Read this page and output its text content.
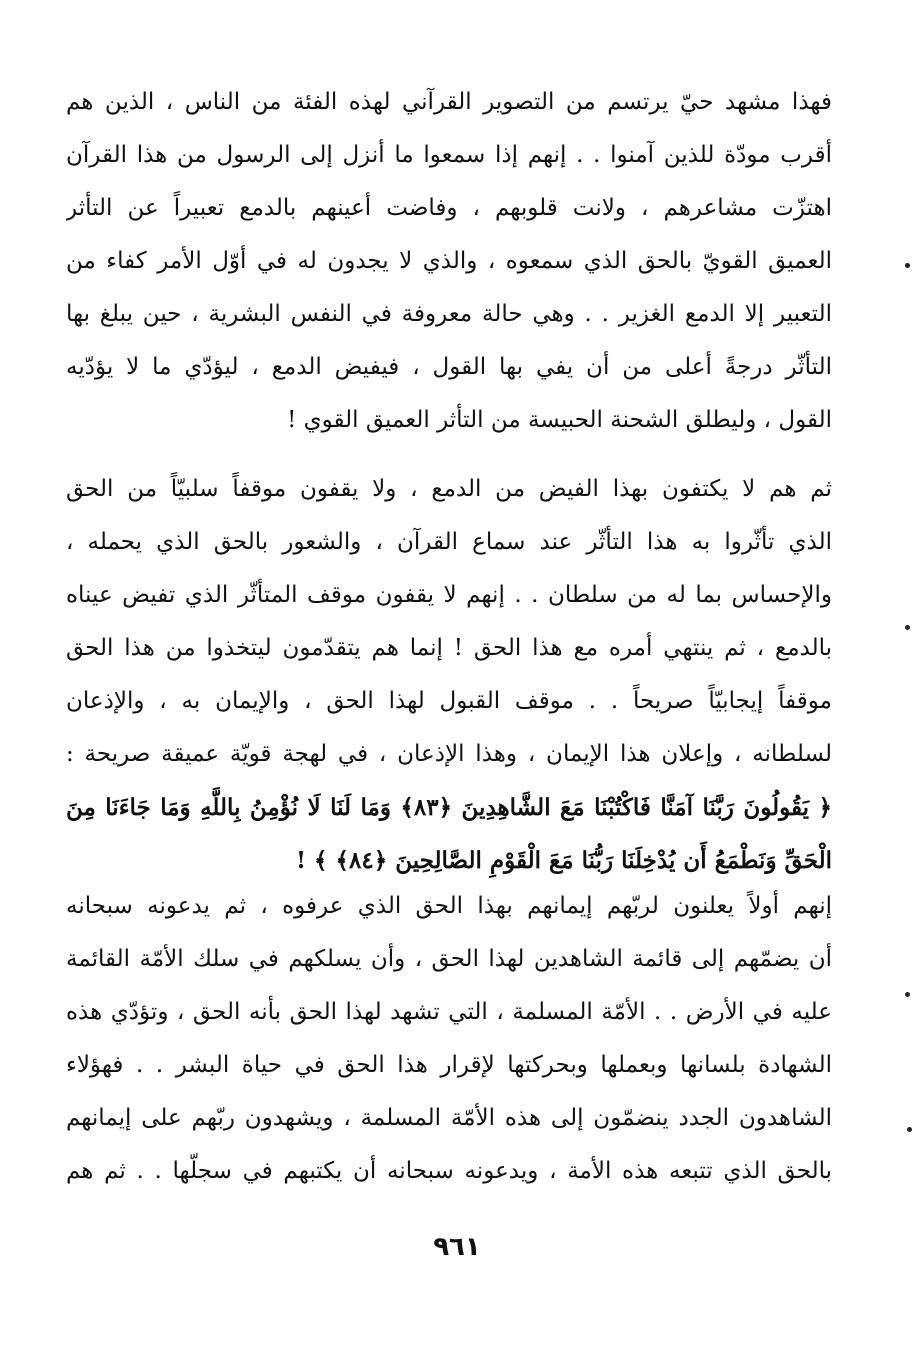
فهذا مشهد حيّ يرتسم من التصوير القرآني لهذه الفئة من الناس ، الذين هم
أقرب مودّة للذين آمنوا . . إنهم إذا سمعوا ما أنزل إلى الرسول من هذا القرآن
اهتزّت مشاعرهم ، ولانت قلوبهم ، وفاضت أعينهم بالدمع تعبيراً عن التأثر
العميق القويّ بالحق الذي سمعوه ، والذي لا يجدون له في أوّل الأمر كفاء من
التعبير إلا الدمع الغزير . . وهي حالة معروفة في النفس البشرية ، حين يبلغ بها
التأثّر درجةً أعلى من أن يفي بها القول ، فيفيض الدمع ، ليؤدّي ما لا يؤدّيه
القول ، وليطلق الشحنة الحبيسة من التأثر العميق القوي !
ثم هم لا يكتفون بهذا الفيض من الدمع ، ولا يقفون موقفاً سلبيّاً من الحق
الذي تأثّروا به هذا التأثّر عند سماع القرآن ، والشعور بالحق الذي يحمله ،
والإحساس بما له من سلطان . . إنهم لا يقفون موقف المتأثّر الذي تفيض عيناه
بالدمع ، ثم ينتهي أمره مع هذا الحق ! إنما هم يتقدّمون ليتخذوا من هذا الحق
موقفاً إيجابيّاً صريحاً . . موقف القبول لهذا الحق ، والإيمان به ، والإذعان
لسلطانه ، وإعلان هذا الإيمان ، وهذا الإذعان ، في لهجة قويّة عميقة صريحة :
﴿ يَقُولُونَ رَبَّنَا آمَنَّا فَاكْتُبْنَا مَعَ الشَّاهِدِينَ ﴿٨٣﴾ وَمَا لَنَا لَا نُؤْمِنُ بِاللَّهِ وَمَا جَاءَنَا مِنَ
الْحَقِّ وَنَطْمَعُ أَن يُدْخِلَنَا رَبُّنَا مَعَ الْقَوْمِ الصَّالِحِينَ ﴿٨٤﴾ ﴾ !
إنهم أولاً يعلنون لربّهم إيمانهم بهذا الحق الذي عرفوه ، ثم يدعونه سبحانه
أن يضمّهم إلى قائمة الشاهدين لهذا الحق ، وأن يسلكهم في سلك الأمّة القائمة
عليه في الأرض . . الأمّة المسلمة ، التي تشهد لهذا الحق بأنه الحق ، وتؤدّي هذه
الشهادة بلسانها وبعملها وبحركتها لإقرار هذا الحق في حياة البشر . . فهؤلاء
الشاهدون الجدد ينضمّون إلى هذه الأمّة المسلمة ، ويشهدون ربّهم على إيمانهم
بالحق الذي تتبعه هذه الأمة ، ويدعونه سبحانه أن يكتبهم في سجلّها . . ثم هم
٩٦١
